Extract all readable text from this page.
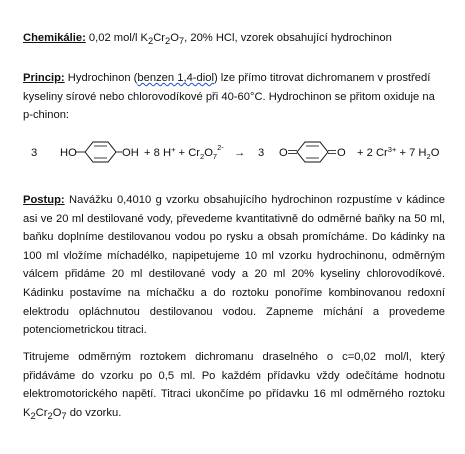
Chemikálie: 0,02 mol/l $K_2Cr_2O_7$, 20% HCl, vzorek obsahující hydrochinon
Princip: Hydrochinon (benzen 1,4-diol) lze přímo titrovat dichromanem v prostředí kyseliny sírové nebo chlorovodíkové při 40-60°C. Hydrochinon se přitom oxiduje na p-chinon:
3 HO	OH + 8 $H^+ + Cr_2O_7^{2-} \to 3$ O	O + 2 $Cr^{3+} + 7$ $H_2O$
Postup: Navážku 0,4010 g vzorku obsahujícího hydrochinon rozpustíme v kádince asi ve 20 ml destilované vody, převedeme kvantitativně do odměrné baňky na 50 ml, baňku doplníme destilovanou vodou po rysku a obsah promícháme. Do kádinky na 100 ml vložíme míchadélko, napipetujeme 10 ml vzorku hydrochinonu, odměrným válcem přidáme 20 ml destilované vody a 20 ml 20% kyseliny chlorovodíkové. Kádinku postavíme na míchačku a do roztoku ponoříme kombinovanou redoxní elektrodu opláchnutou destilovanou vodou. Zapneme míchání a provedeme potenciometrickou titraci.
Titrujeme odměrným roztokem dichromanu draselného o c=0,02 mol/l, který přidáváme do vzorku po 0,5 ml. Po každém přídavku vždy odečítáme hodnotu elektromotorického napětí. Titraci ukončíme po přídavku 16 ml odměrného roztoku $K_2Cr_2O_7$ do vzorku.
